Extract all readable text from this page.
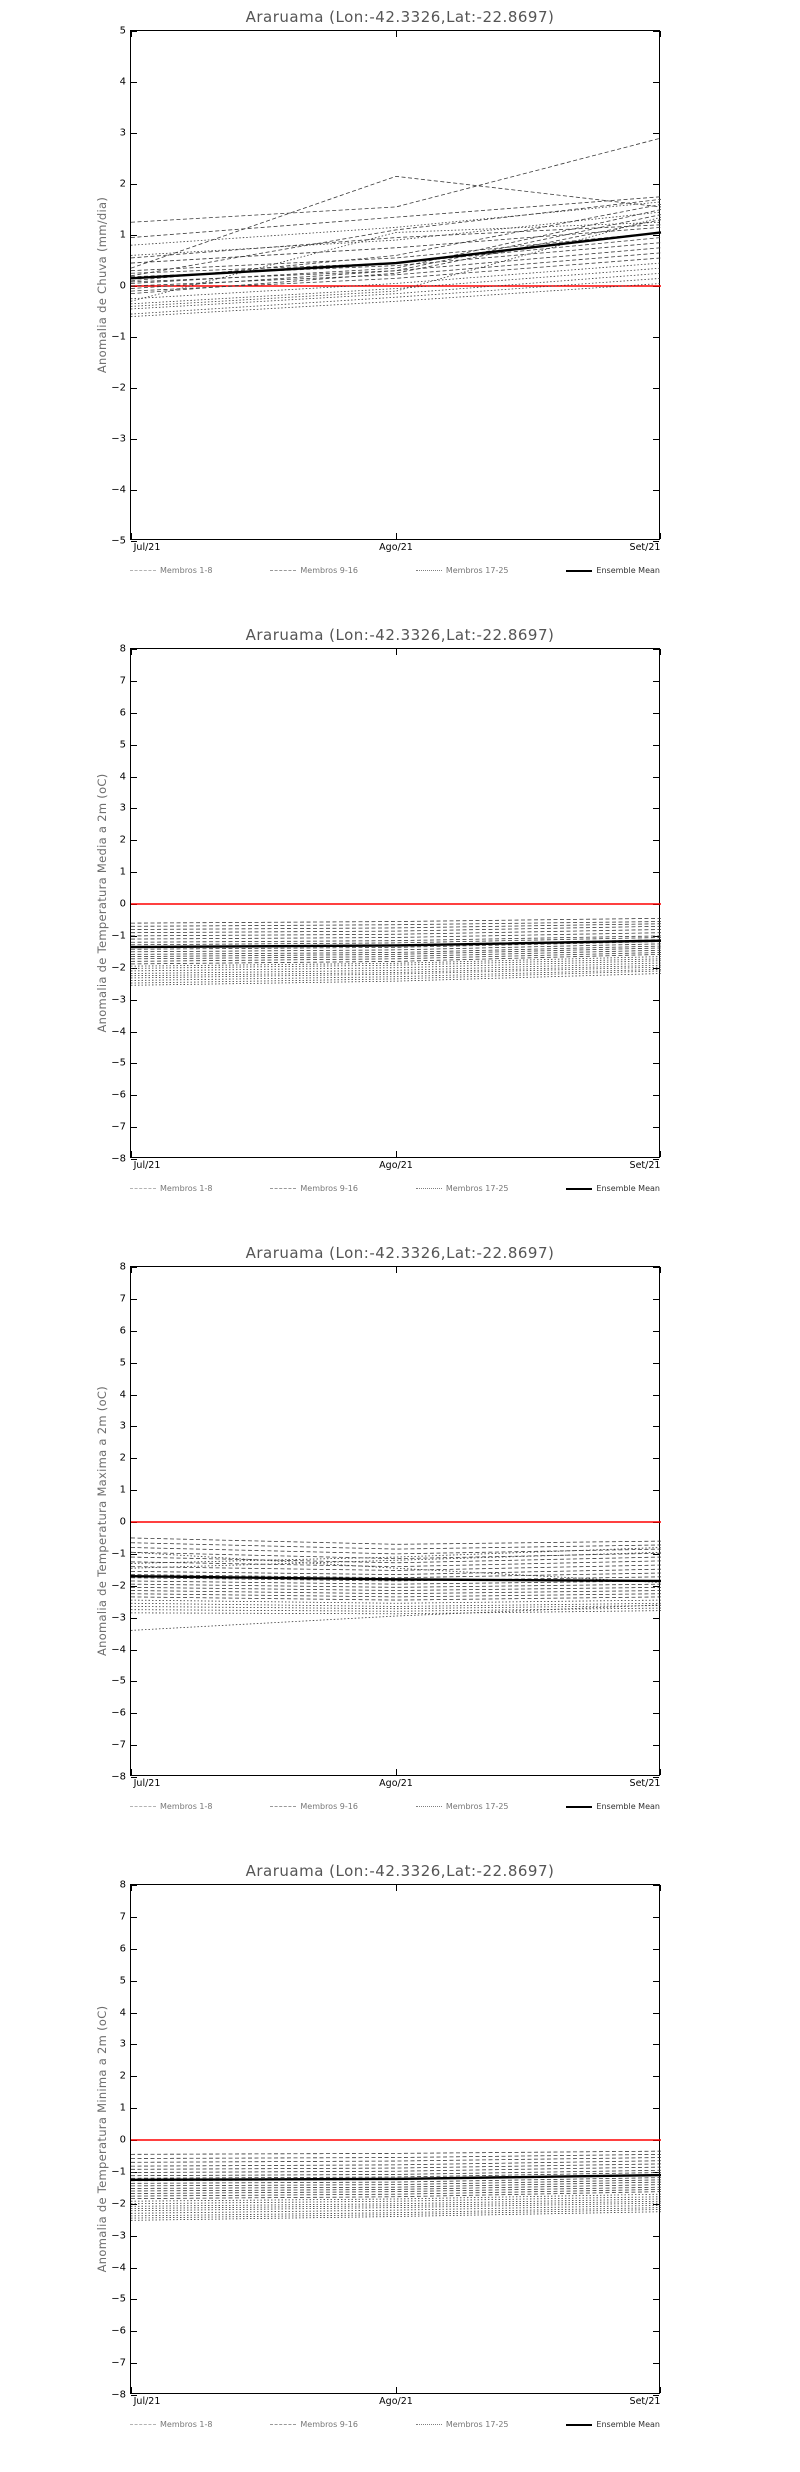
Araruama (Lon:-42.3326,Lat:-22.8697)
Anomalia de Chuva (mm/dia)
−5
−4
−3
−2
−1
0
1
2
3
4
5
Jul/21	Ago/21	Set/21
Membros 1-8	Membros 9-16	Membros 17-25	Ensemble Mean
Araruama (Lon:-42.3326,Lat:-22.8697)
Anomalia de Temperatura Media a 2m (oC)
−8
−7
−6
−5
−4
−3
−2
−1
0
1
2
3
4
5
6
7
8
Jul/21	Ago/21	Set/21
Membros 1-8	Membros 9-16	Membros 17-25	Ensemble Mean
Araruama (Lon:-42.3326,Lat:-22.8697)
Anomalia de Temperatura Maxima a 2m (oC)
−8
−7
−6
−5
−4
−3
−2
−1
0
1
2
3
4
5
6
7
8
Jul/21	Ago/21	Set/21
Membros 1-8	Membros 9-16	Membros 17-25	Ensemble Mean
Araruama (Lon:-42.3326,Lat:-22.8697)
Anomalia de Temperatura Minima a 2m (oC)
−8
−7
−6
−5
−4
−3
−2
−1
0
1
2
3
4
5
6
7
8
Jul/21	Ago/21	Set/21
Membros 1-8	Membros 9-16	Membros 17-25	Ensemble Mean
